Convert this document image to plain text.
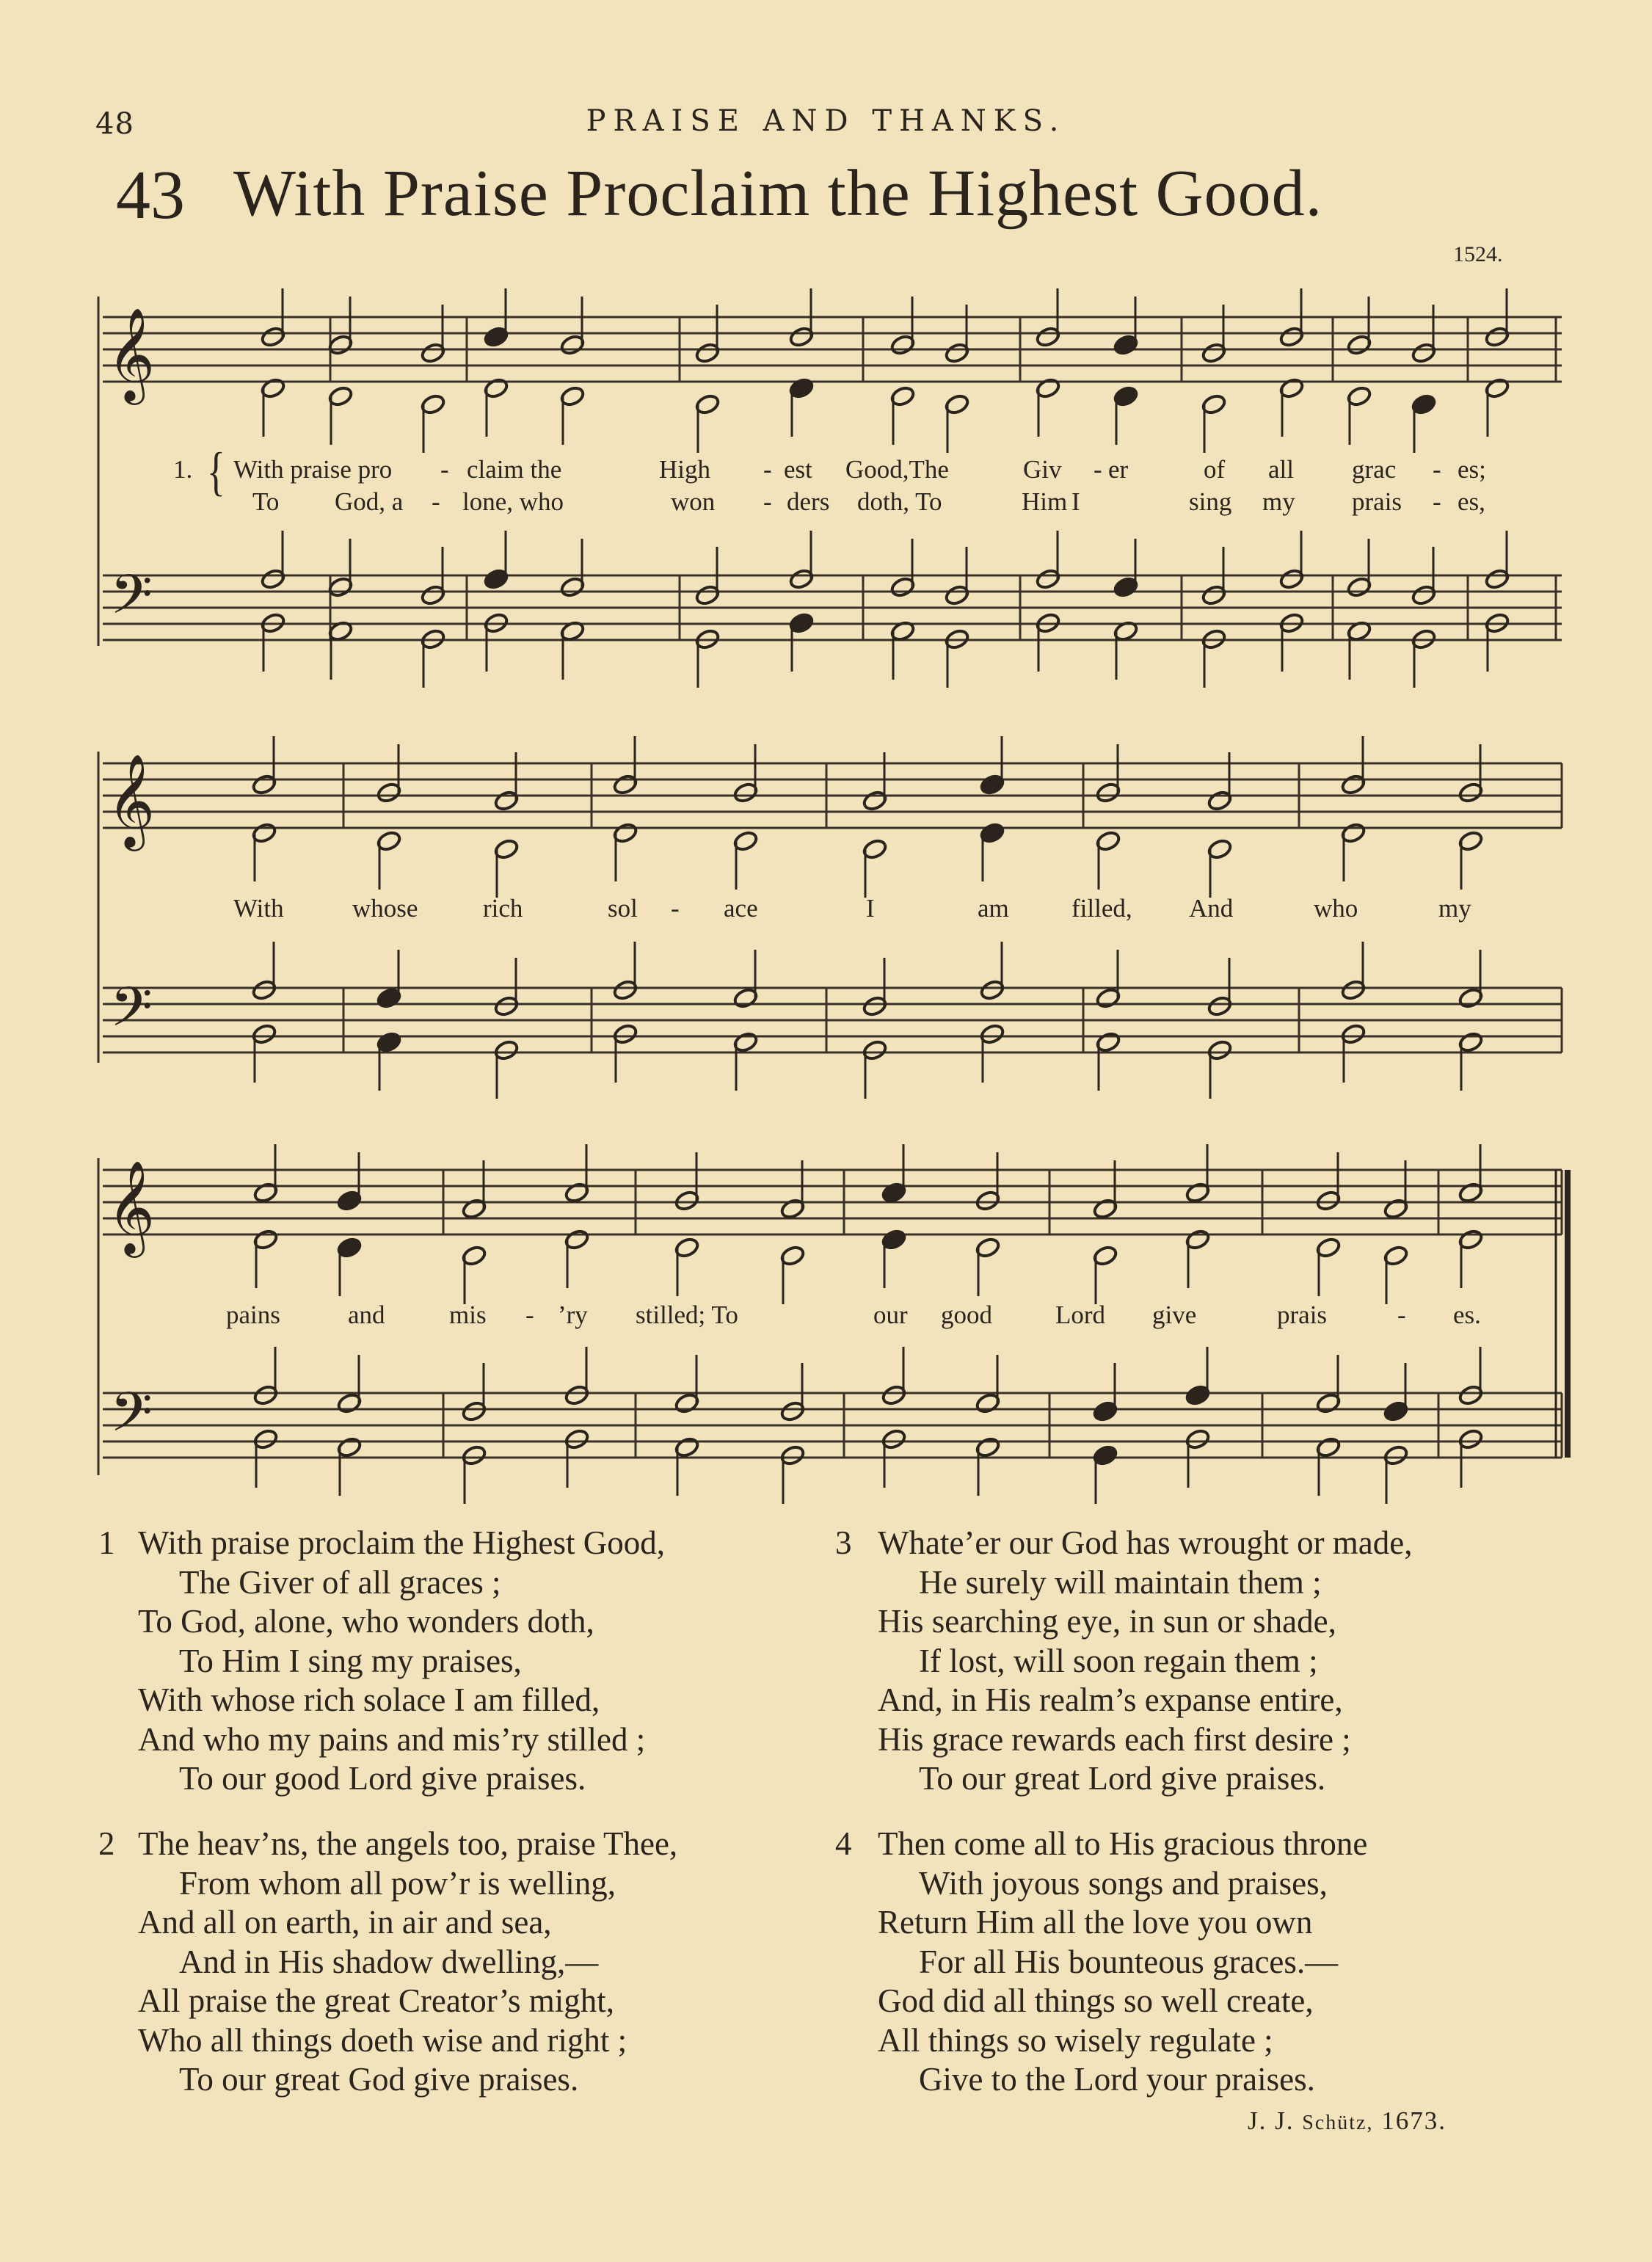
48	PRAISE AND THANKS.
43 With Praise Proclaim the Highest Good.
1524.
𝄞
𝄢
𝄞
𝄢
𝄞
𝄢
1. { With praise pro - claim the	High - est Good,The	Giv - er	of all grac - es;
To God, a - lone, who	won - ders doth, To	Him I	sing my prais - es,
With	whose	rich	sol - ace	I	am filled, And	who	my
pains	and mis - ’ry stilled; To	our good Lord give	prais	- es.
1 With praise proclaim the Highest Good,
The Giver of all graces ;
To God, alone, who wonders doth,
To Him I sing my praises,
With whose rich solace I am filled,
And who my pains and mis’ry stilled ;
To our good Lord give praises.
2 The heav’ns, the angels too, praise Thee,
From whom all pow’r is welling,
And all on earth, in air and sea,
And in His shadow dwelling,—
All praise the great Creator’s might,
Who all things doeth wise and right ;
To our great God give praises.
3 Whate’er our God has wrought or made,
He surely will maintain them ;
His searching eye, in sun or shade,
If lost, will soon regain them ;
And, in His realm’s expanse entire,
His grace rewards each first desire ;
To our great Lord give praises.
4 Then come all to His gracious throne
With joyous songs and praises,
Return Him all the love you own
For all His bounteous graces.—
God did all things so well create,
All things so wisely regulate ;
Give to the Lord your praises.
J. J. Schütz, 1673.
